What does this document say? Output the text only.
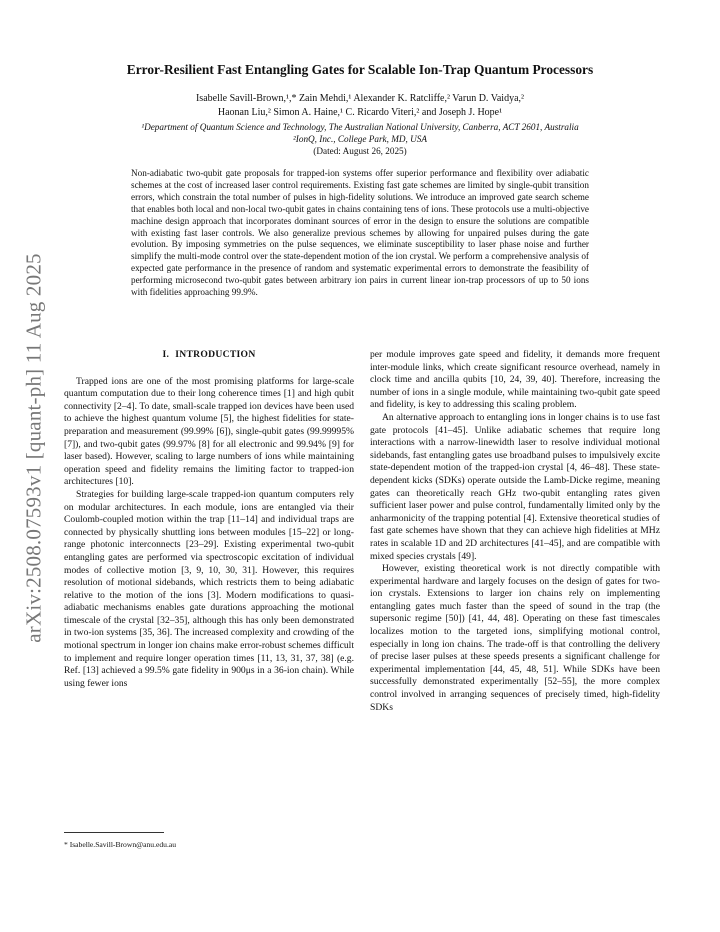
arXiv:2508.07593v1 [quant-ph] 11 Aug 2025
Error-Resilient Fast Entangling Gates for Scalable Ion-Trap Quantum Processors
Isabelle Savill-Brown,¹,* Zain Mehdi,¹ Alexander K. Ratcliffe,² Varun D. Vaidya,²
Haonan Liu,² Simon A. Haine,¹ C. Ricardo Viteri,² and Joseph J. Hope¹
¹Department of Quantum Science and Technology, The Australian National University, Canberra, ACT 2601, Australia
²IonQ, Inc., College Park, MD, USA
(Dated: August 26, 2025)
Non-adiabatic two-qubit gate proposals for trapped-ion systems offer superior performance and flexibility over adiabatic schemes at the cost of increased laser control requirements. Existing fast gate schemes are limited by single-qubit transition errors, which constrain the total number of pulses in high-fidelity solutions. We introduce an improved gate search scheme that enables both local and non-local two-qubit gates in chains containing tens of ions. These protocols use a multi-objective machine design approach that incorporates dominant sources of error in the design to ensure the solutions are compatible with existing fast laser controls. We also generalize previous schemes by allowing for unpaired pulses during the gate evolution. By imposing symmetries on the pulse sequences, we eliminate susceptibility to laser phase noise and further simplify the multi-mode control over the state-dependent motion of the ion crystal. We perform a comprehensive analysis of expected gate performance in the presence of random and systematic experimental errors to demonstrate the feasibility of performing microsecond two-qubit gates between arbitrary ion pairs in current linear ion-trap processors of up to 50 ions with fidelities approaching 99.9%.
I. INTRODUCTION

Trapped ions are one of the most promising platforms for large-scale quantum computation due to their long coherence times [1] and high qubit connectivity [2–4]. To date, small-scale trapped ion devices have been used to achieve the highest quantum volume [5], the highest fidelities for state-preparation and measurement (99.99% [6]), single-qubit gates (99.99995% [7]), and two-qubit gates (99.97% [8] for all electronic and 99.94% [9] for laser based). However, scaling to large numbers of ions while maintaining operation speed and fidelity remains the limiting factor to trapped-ion architectures [10].

Strategies for building large-scale trapped-ion quantum computers rely on modular architectures. In each module, ions are entangled via their Coulomb-coupled motion within the trap [11–14] and individual traps are connected by physically shuttling ions between modules [15–22] or long-range photonic interconnects [23–29]. Existing experimental two-qubit entangling gates are performed via spectroscopic excitation of individual modes of collective motion [3, 9, 10, 30, 31]. However, this requires resolution of motional sidebands, which restricts them to being adiabatic relative to the motion of the ions [3]. Modern modifications to quasi-adiabatic mechanisms enables gate durations approaching the motional timescale of the crystal [32–35], although this has only been demonstrated in two-ion systems [35, 36]. The increased complexity and crowding of the motional spectrum in longer ion chains make error-robust schemes difficult to implement and require longer operation times [11, 13, 31, 37, 38] (e.g. Ref. [13] achieved a 99.5% gate fidelity in 900μs in a 36-ion chain). While using fewer ions

per module improves gate speed and fidelity, it demands more frequent inter-module links, which create significant resource overhead, namely in clock time and ancilla qubits [10, 24, 39, 40]. Therefore, increasing the number of ions in a single module, while maintaining two-qubit gate speed and fidelity, is key to addressing this scaling problem.

An alternative approach to entangling ions in longer chains is to use fast gate protocols [41–45]. Unlike adiabatic schemes that require long interactions with a narrow-linewidth laser to resolve individual motional sidebands, fast entangling gates use broadband pulses to impulsively excite state-dependent motion of the trapped-ion crystal [4, 46–48]. These state-dependent kicks (SDKs) operate outside the Lamb-Dicke regime, meaning gates can theoretically reach GHz two-qubit entangling rates given sufficient laser power and pulse control, fundamentally limited only by the anharmonicity of the trapping potential [4]. Extensive theoretical studies of fast gate schemes have shown that they can achieve high fidelities at MHz rates in scalable 1D and 2D architectures [41–45], and are compatible with mixed species crystals [49].

However, existing theoretical work is not directly compatible with experimental hardware and largely focuses on the design of gates for two-ion crystals. Extensions to larger ion chains rely on implementing entangling gates much faster than the speed of sound in the trap (the supersonic regime [50]) [41, 44, 48]. Operating on these fast timescales localizes motion to the targeted ions, simplifying motional control, especially in long ion chains. The trade-off is that controlling the delivery of precise laser pulses at these speeds presents a significant challenge for experimental implementation [44, 45, 48, 51]. While SDKs have been successfully demonstrated experimentally [52–55], the more complex control involved in arranging sequences of precisely timed, high-fidelity SDKs

* Isabelle.Savill-Brown@anu.edu.au
